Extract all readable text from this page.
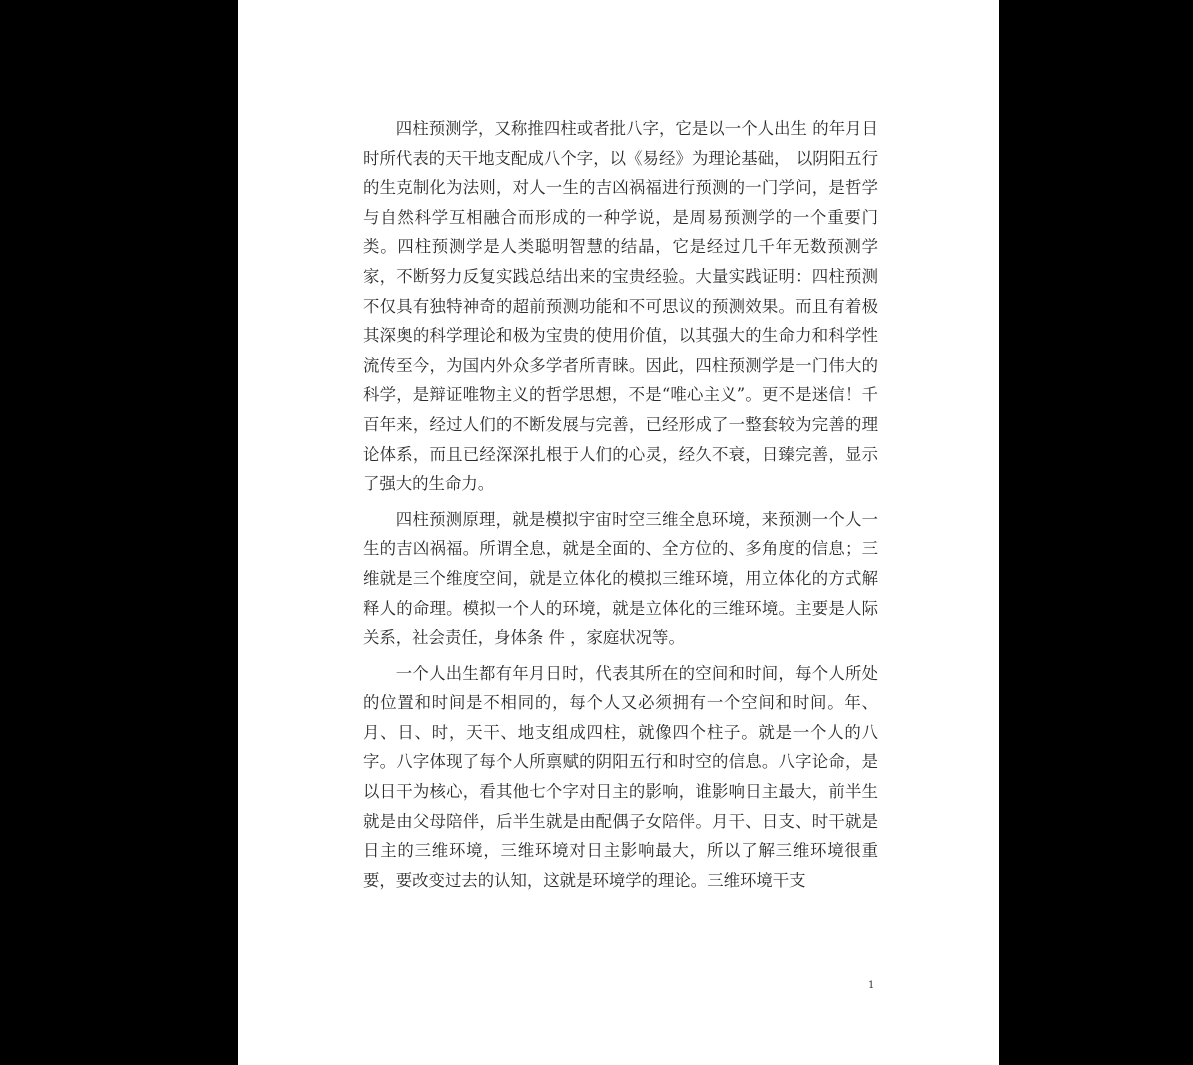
四柱预测学，又称推四柱或者批八字，它是以一个人出生 的年月日时所代表的天干地支配成八个字，以《易经》为理论基础， 以阴阳五行的生克制化为法则，对人一生的吉凶祸福进行预测的一门学问，是哲学与自然科学互相融合而形成的一种学说，是周易预测学的一个重要门类。四柱预测学是人类聪明智慧的结晶，它是经过几千年无数预测学家，不断努力反复实践总结出来的宝贵经验。大量实践证明：四柱预测不仅具有独特神奇的超前预测功能和不可思议的预测效果。而且有着极其深奥的科学理论和极为宝贵的使用价值，以其强大的生命力和科学性流传至今，为国内外众多学者所青睐。因此，四柱预测学是一门伟大的科学，是辩证唯物主义的哲学思想，不是“唯心主义”。更不是迷信！千百年来，经过人们的不断发展与完善，已经形成了一整套较为完善的理论体系，而且已经深深扎根于人们的心灵，经久不衰，日臻完善，显示了强大的生命力。

四柱预测原理，就是模拟宇宙时空三维全息环境，来预测一个人一生的吉凶祸福。所谓全息，就是全面的、全方位的、多角度的信息；三维就是三个维度空间，就是立体化的模拟三维环境，用立体化的方式解释人的命理。模拟一个人的环境，就是立体化的三维环境。主要是人际关系，社会责任，身体条 件 ，家庭状况等。

一个人出生都有年月日时，代表其所在的空间和时间，每个人所处的位置和时间是不相同的，每个人又必须拥有一个空间和时间。年、月、日、时，天干、地支组成四柱，就像四个柱子。就是一个人的八字。八字体现了每个人所禀赋的阴阳五行和时空的信息。八字论命，是以日干为核心，看其他七个字对日主的影响，谁影响日主最大，前半生就是由父母陪伴，后半生就是由配偶子女陪伴。月干、日支、时干就是日主的三维环境，三维环境对日主影响最大，所以了解三维环境很重要，要改变过去的认知，这就是环境学的理论。三维环境干支

1
